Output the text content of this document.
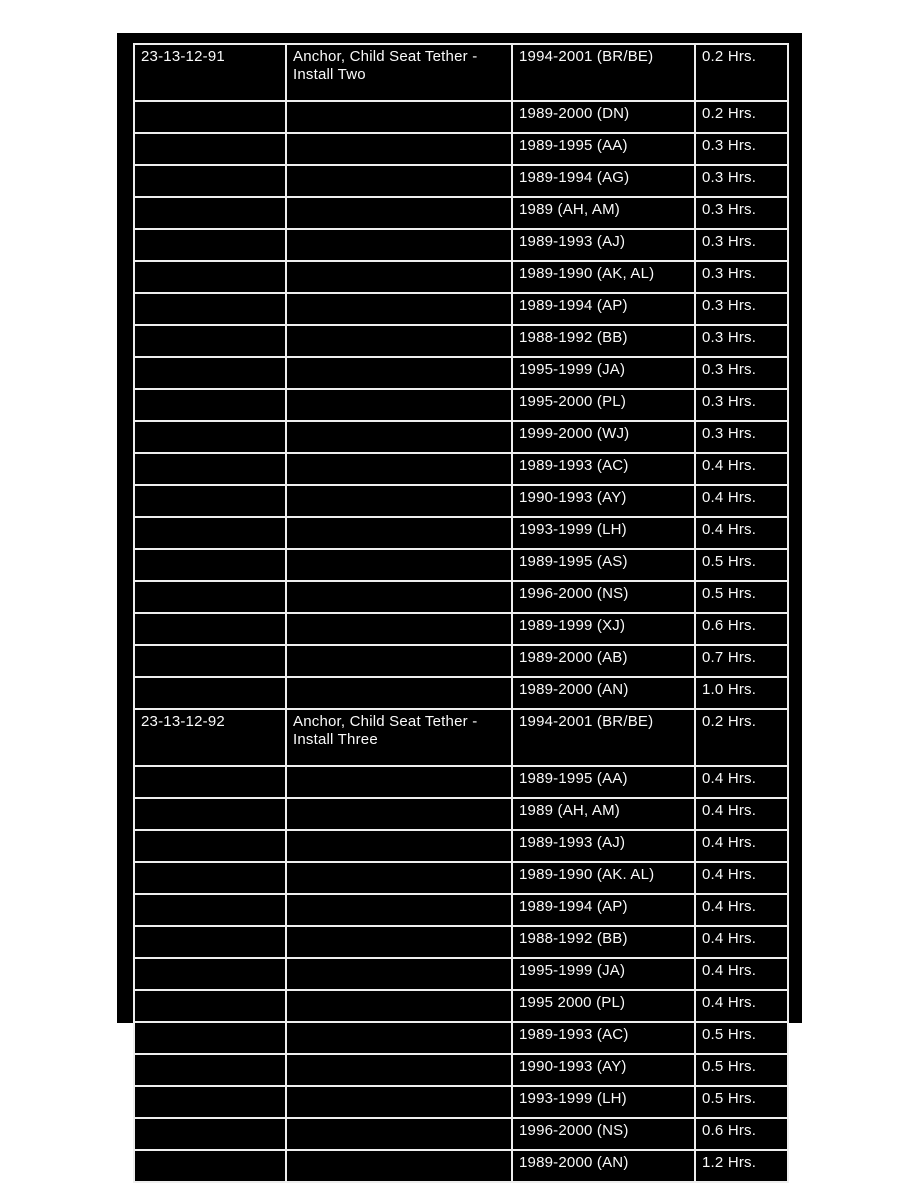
23-13-12-91	Anchor, Child Seat Tether - Install Two	1994-2001 (BR/BE)	0.2 Hrs.
		1989-2000 (DN)	0.2 Hrs.
		1989-1995 (AA)	0.3 Hrs.
		1989-1994 (AG)	0.3 Hrs.
		1989 (AH, AM)	0.3 Hrs.
		1989-1993 (AJ)	0.3 Hrs.
		1989-1990 (AK, AL)	0.3 Hrs.
		1989-1994 (AP)	0.3 Hrs.
		1988-1992 (BB)	0.3 Hrs.
		1995-1999 (JA)	0.3 Hrs.
		1995-2000 (PL)	0.3 Hrs.
		1999-2000 (WJ)	0.3 Hrs.
		1989-1993 (AC)	0.4 Hrs.
		1990-1993 (AY)	0.4 Hrs.
		1993-1999 (LH)	0.4 Hrs.
		1989-1995 (AS)	0.5 Hrs.
		1996-2000 (NS)	0.5 Hrs.
		1989-1999 (XJ)	0.6 Hrs.
		1989-2000 (AB)	0.7 Hrs.
		1989-2000 (AN)	1.0 Hrs.
23-13-12-92	Anchor, Child Seat Tether - Install Three	1994-2001 (BR/BE)	0.2 Hrs.
		1989-1995 (AA)	0.4 Hrs.
		1989 (AH, AM)	0.4 Hrs.
		1989-1993 (AJ)	0.4 Hrs.
		1989-1990 (AK. AL)	0.4 Hrs.
		1989-1994 (AP)	0.4 Hrs.
		1988-1992 (BB)	0.4 Hrs.
		1995-1999 (JA)	0.4 Hrs.
		1995 2000 (PL)	0.4 Hrs.
		1989-1993 (AC)	0.5 Hrs.
		1990-1993 (AY)	0.5 Hrs.
		1993-1999 (LH)	0.5 Hrs.
		1996-2000 (NS)	0.6 Hrs.
		1989-2000 (AN)	1.2 Hrs.
